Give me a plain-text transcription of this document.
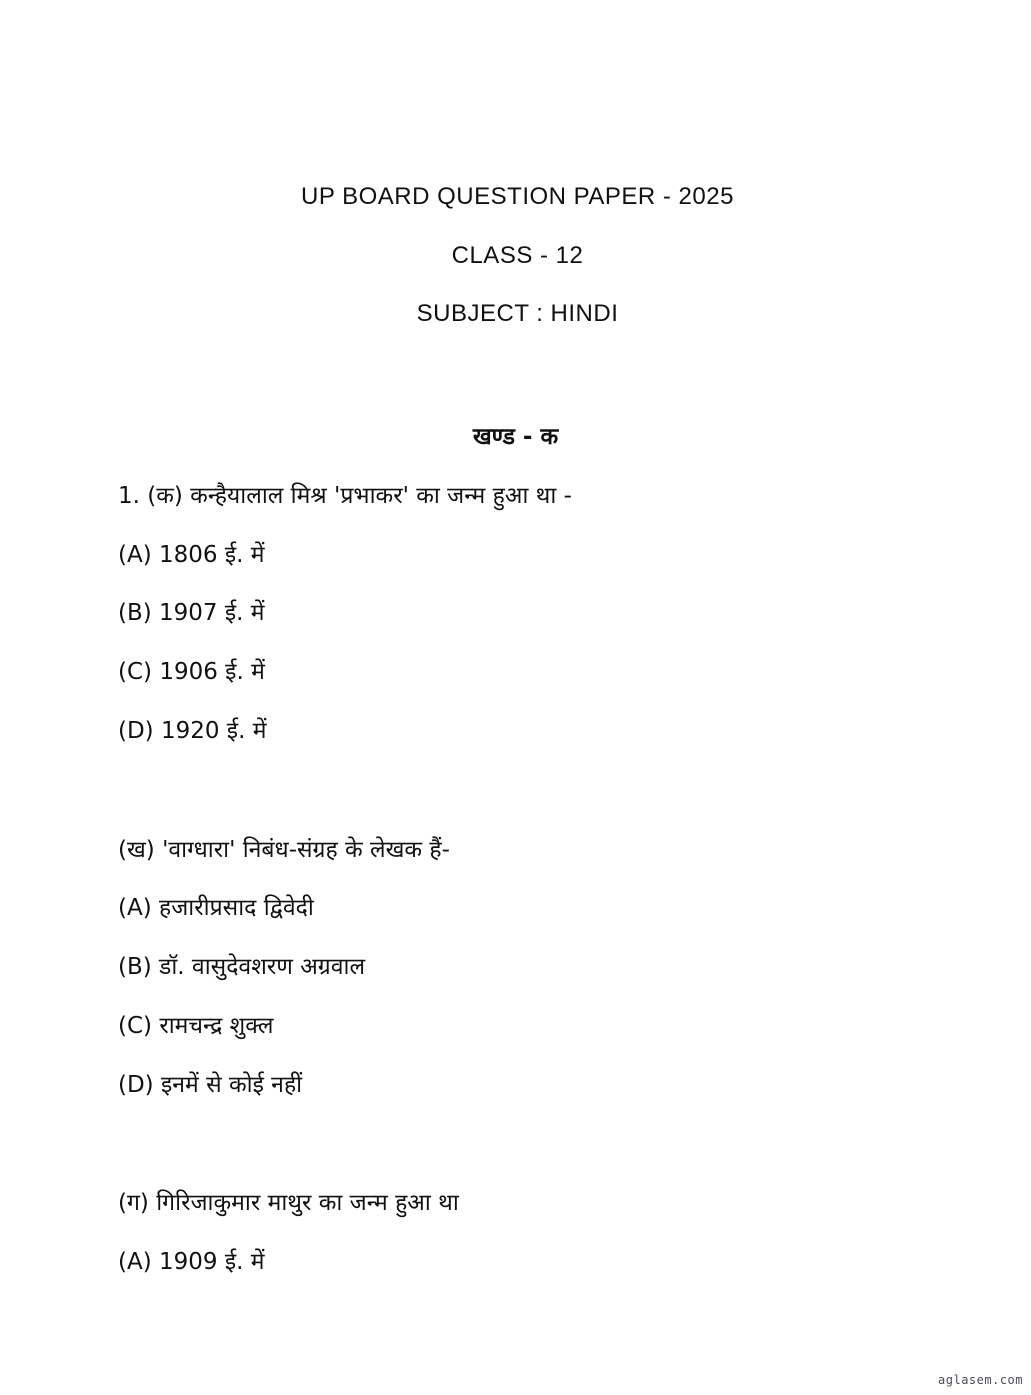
UP BOARD QUESTION PAPER - 2025
CLASS - 12
SUBJECT : HINDI
खण्ड - क
1. (क) कन्हैयालाल मिश्र 'प्रभाकर' का जन्म हुआ था -
(A) 1806 ई. में
(B) 1907 ई. में
(C) 1906 ई. में
(D) 1920 ई. में
(ख) 'वाग्धारा' निबंध-संग्रह के लेखक हैं-
(A) हजारीप्रसाद द्विवेदी
(B) डॉ. वासुदेवशरण अग्रवाल
(C) रामचन्द्र शुक्ल
(D) इनमें से कोई नहीं
(ग) गिरिजाकुमार माथुर का जन्म हुआ था
(A) 1909 ई. में
aglasem.com
